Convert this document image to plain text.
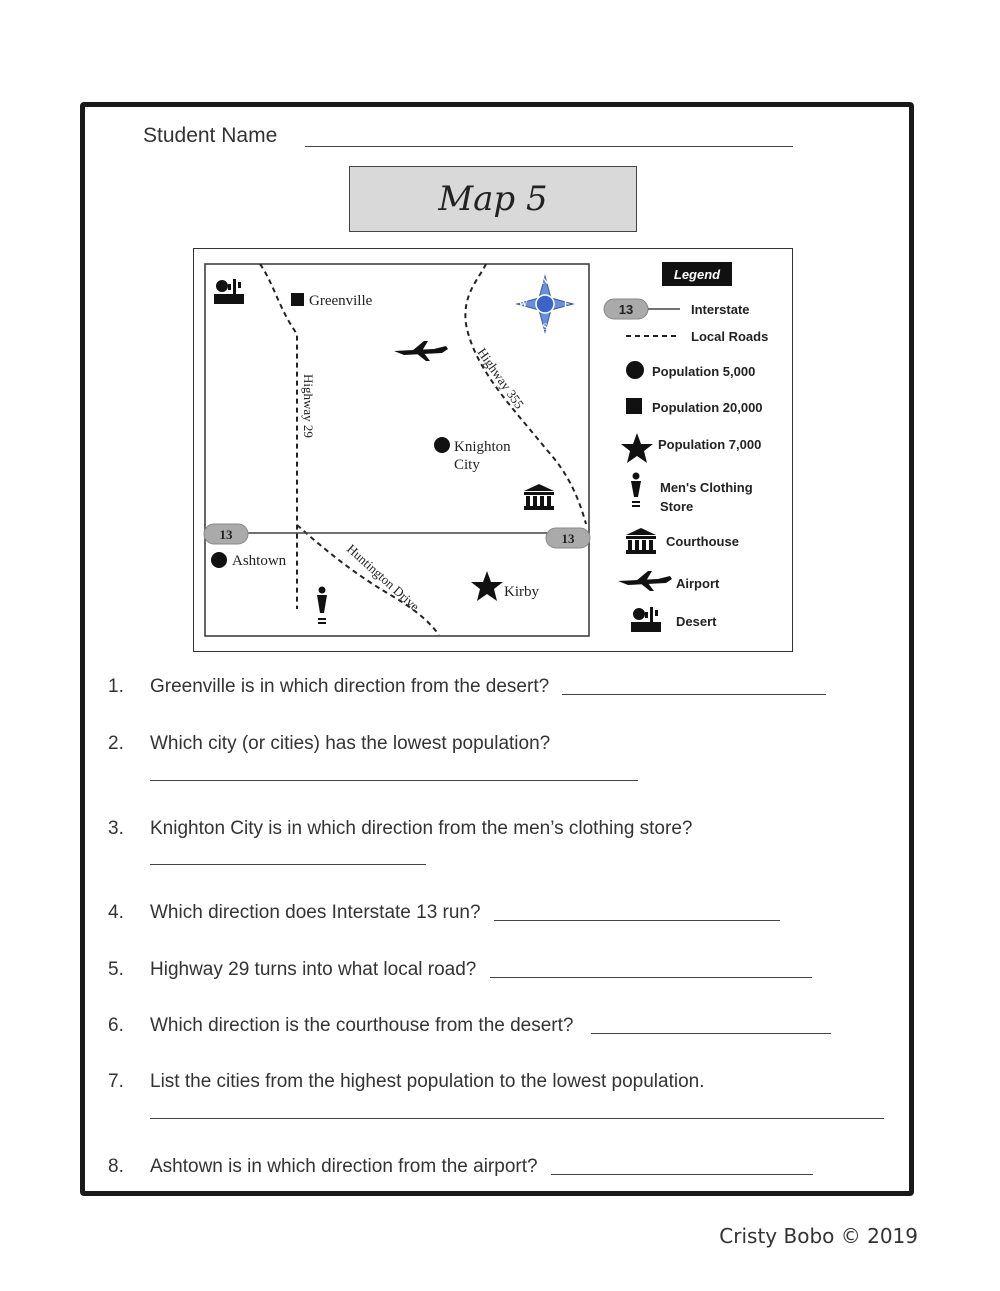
Student Name
Map 5
13	13
Highway 29	Highway 355
Huntington Drive
Greenville
Knighton
City
Ashtown
Kirby
N
S
E
W
Legend
13	Interstate
Local Roads
Population 5,000
Population 20,000
Population 7,000
Men's Clothing
Store
Courthouse
Airport
Desert
1. Greenville is in which direction from the desert?
2. Which city (or cities) has the lowest population?
3. Knighton City is in which direction from the men’s clothing store?
4. Which direction does Interstate 13 run?
5. Highway 29 turns into what local road?
6. Which direction is the courthouse from the desert?
7. List the cities from the highest population to the lowest population.
8. Ashtown is in which direction from the airport?
Cristy Bobo © 2019
